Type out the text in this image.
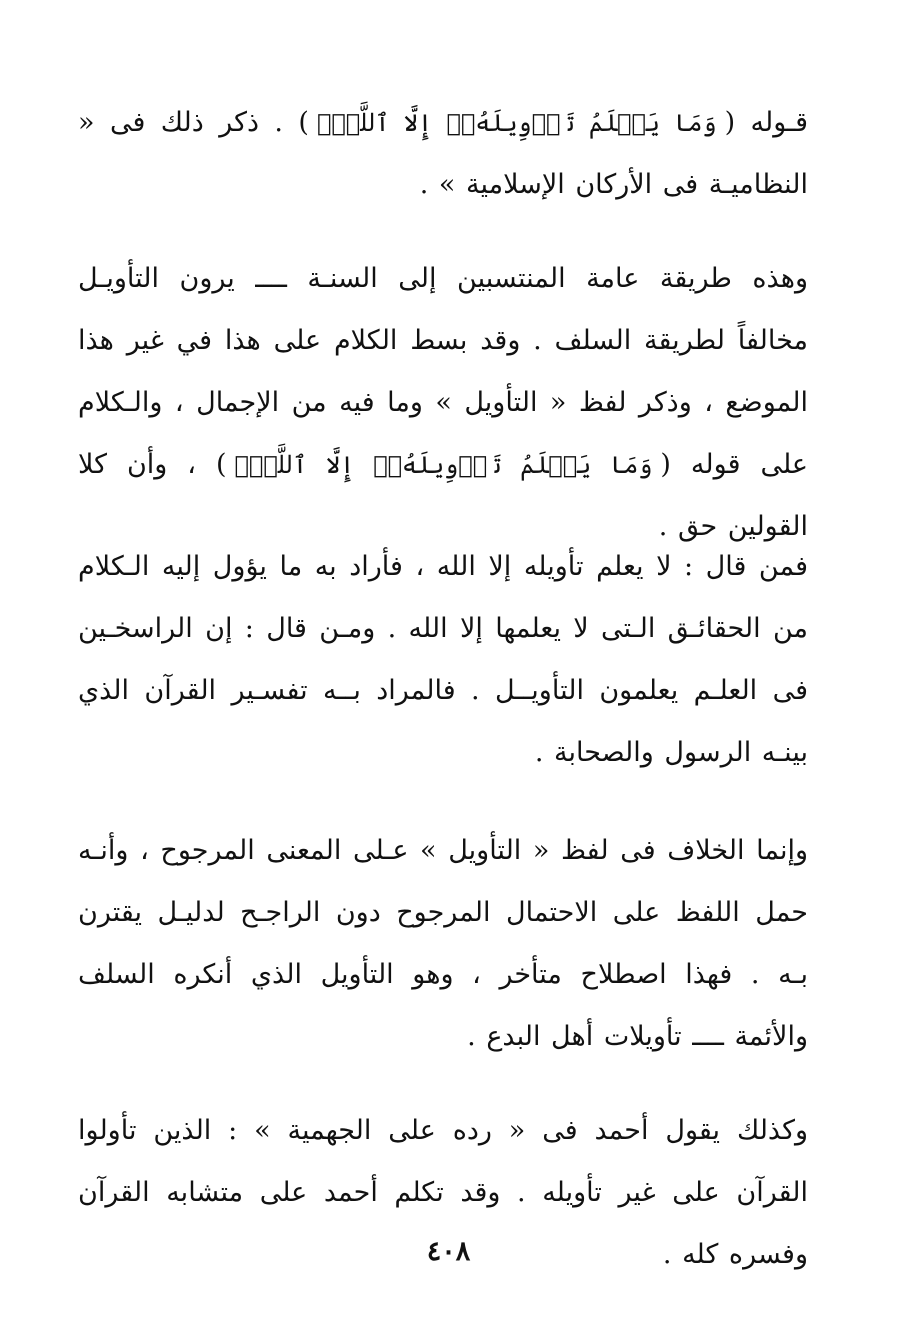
قـوله (وَمَا يَعۡلَمُ تَأۡوِيلَهُۥٓ إِلَّا ٱللَّهُۗ) . ذكر ذلك فى « النظاميـة فى الأركان الإسلامية » .

وهذه طريقة عامة المنتسبين إلى السنـة ــــ يرون التأويـل مخالفاً لطريقة السلف . وقد بسط الكلام على هذا في غير هذا الموضع ، وذكر لفظ « التأويل » وما فيه من الإجمال ، والـكلام على قوله (وَمَا يَعۡلَمُ تَأۡوِيلَهُۥٓ إِلَّا ٱللَّهُۗ) ، وأن كلا القولين حق .

فمن قال : لا يعلم تأويله إلا الله ، فأراد به ما يؤول إليه الـكلام من الحقائـق الـتى لا يعلمها إلا الله . ومـن قال : إن الراسخـين فى العلـم يعلمون التأويــل . فالمراد بــه تفسـير القرآن الذي بينـه الرسول والصحابة .

وإنما الخلاف فى لفظ « التأويل » عـلى المعنى المرجوح ، وأنـه حمل اللفظ على الاحتمال المرجوح دون الراجـح لدليـل يقترن بـه . فهذا اصطلاح متأخر ، وهو التأويل الذي أنكره السلف والأئمة ــــ تأويلات أهل البدع .

وكذلك يقول أحمد فى « رده على الجهمية » : الذين تأولوا القرآن على غير تأويله . وقد تكلم أحمد على متشابه القرآن وفسره كله .

٤٠٨
